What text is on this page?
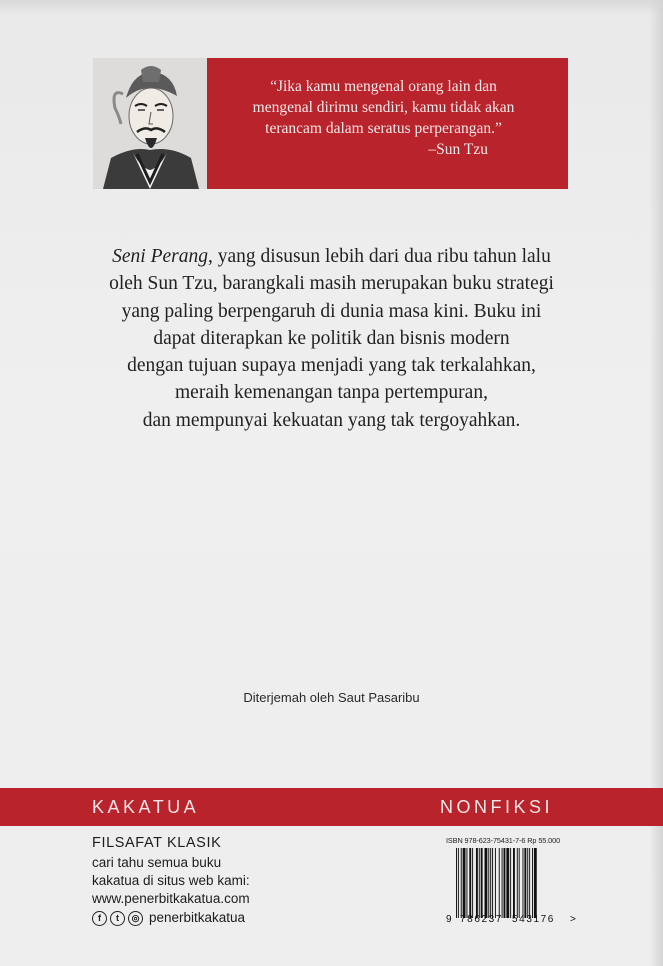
“Jika kamu mengenal orang lain dan
mengenal dirimu sendiri, kamu tidak akan
terancam dalam seratus perperangan.”
–Sun Tzu
Seni Perang, yang disusun lebih dari dua ribu tahun lalu
oleh Sun Tzu, barangkali masih merupakan buku strategi
yang paling berpengaruh di dunia masa kini. Buku ini
dapat diterapkan ke politik dan bisnis modern
dengan tujuan supaya menjadi yang tak terkalahkan,
meraih kemenangan tanpa pertempuran,
dan mempunyai kekuatan yang tak tergoyahkan.
Diterjemah oleh Saut Pasaribu
KAKATUA	NONFIKSI
FILSAFAT KLASIK
cari tahu semua buku
kakatua di situs web kami:
www.penerbitkakatua.com
f	t	◎ penerbitkakatua
ISBN 978-623-75431-7-6 Rp 55.000
9 786237 543176 >
